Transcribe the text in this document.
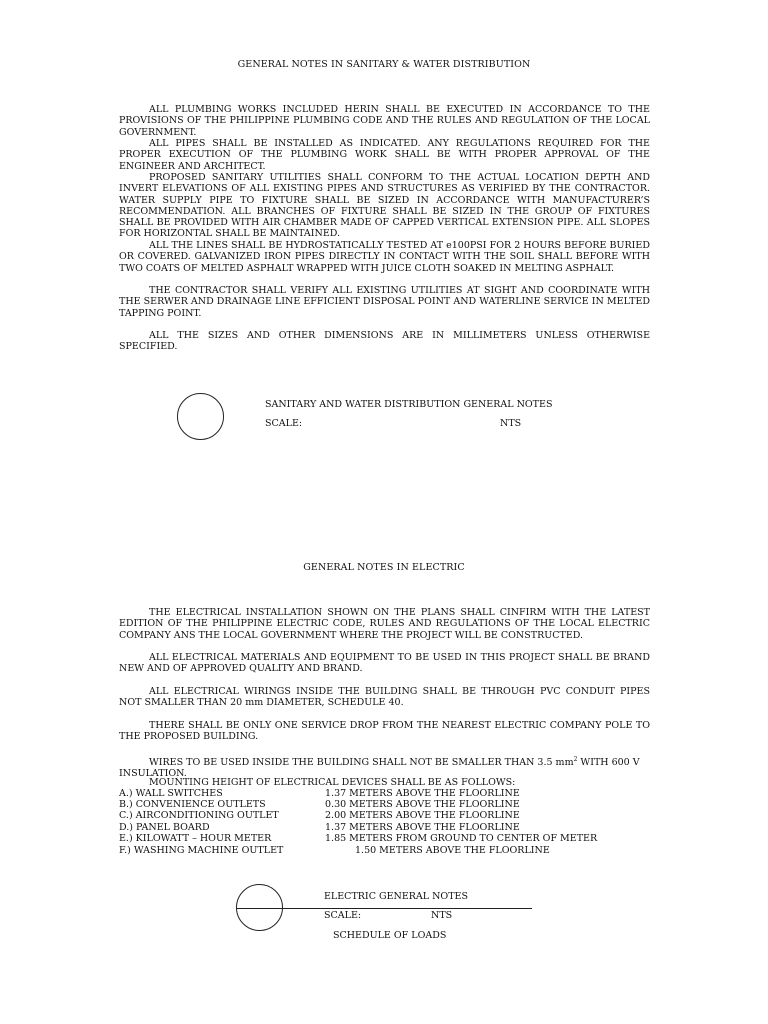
GENERAL NOTES IN SANITARY & WATER DISTRIBUTION

ALL PLUMBING WORKS INCLUDED HERIN SHALL BE EXECUTED IN ACCORDANCE TO THE PROVISIONS OF THE PHILIPPINE PLUMBING CODE AND THE RULES AND REGULATION OF THE LOCAL GOVERNMENT.

ALL PIPES SHALL BE INSTALLED AS INDICATED. ANY REGULATIONS REQUIRED FOR THE PROPER EXECUTION OF THE PLUMBING WORK SHALL BE WITH PROPER APPROVAL OF THE ENGINEER AND ARCHITECT.

PROPOSED SANITARY UTILITIES SHALL CONFORM TO THE ACTUAL LOCATION DEPTH AND INVERT ELEVATIONS OF ALL EXISTING PIPES AND STRUCTURES AS VERIFIED BY THE CONTRACTOR. WATER SUPPLY PIPE TO FIXTURE SHALL BE SIZED IN ACCORDANCE WITH MANUFACTURER’S RECOMMENDATION. ALL BRANCHES OF FIXTURE SHALL BE SIZED IN THE GROUP OF FIXTURES SHALL BE PROVIDED WITH AIR CHAMBER MADE OF CAPPED VERTICAL EXTENSION PIPE. ALL SLOPES FOR HORIZONTAL SHALL BE MAINTAINED.

ALL THE LINES SHALL BE HYDROSTATICALLY TESTED AT e100PSI FOR 2 HOURS BEFORE BURIED OR COVERED. GALVANIZED IRON PIPES DIRECTLY IN CONTACT WITH THE SOIL SHALL BEFORE WITH TWO COATS OF MELTED ASPHALT WRAPPED WITH JUICE CLOTH SOAKED IN MELTING ASPHALT.

THE CONTRACTOR SHALL VERIFY ALL EXISTING UTILITIES AT SIGHT AND COORDINATE WITH THE SERWER AND DRAINAGE LINE EFFICIENT DISPOSAL POINT AND WATERLINE SERVICE IN MELTED TAPPING POINT.

ALL THE SIZES AND OTHER DIMENSIONS ARE IN MILLIMETERS UNLESS OTHERWISE SPECIFIED.

SANITARY AND WATER DISTRIBUTION GENERAL NOTES
SCALE:	NTS
GENERAL NOTES IN ELECTRIC

THE ELECTRICAL INSTALLATION SHOWN ON THE PLANS SHALL CINFIRM WITH THE LATEST EDITION OF THE PHILIPPINE ELECTRIC CODE, RULES AND REGULATIONS OF THE LOCAL ELECTRIC COMPANY ANS THE LOCAL GOVERNMENT WHERE THE PROJECT WILL BE CONSTRUCTED.

ALL ELECTRICAL MATERIALS AND EQUIPMENT TO BE USED IN THIS PROJECT SHALL BE BRAND NEW AND OF APPROVED QUALITY AND BRAND.

ALL ELECTRICAL WIRINGS INSIDE THE BUILDING SHALL BE THROUGH PVC CONDUIT PIPES NOT SMALLER THAN 20 mm DIAMETER, SCHEDULE 40.

THERE SHALL BE ONLY ONE SERVICE DROP FROM THE NEAREST ELECTRIC COMPANY POLE TO THE PROPOSED BUILDING.

WIRES TO BE USED INSIDE THE BUILDING SHALL NOT BE SMALLER THAN 3.5 $mm^2$ WITH 600 V INSULATION.

MOUNTING HEIGHT OF ELECTRICAL DEVICES SHALL BE AS FOLLOWS:
A.) WALL SWITCHES	1.37 METERS ABOVE THE FLOORLINE
B.) CONVENIENCE OUTLETS	0.30 METERS ABOVE THE FLOORLINE
C.) AIRCONDITIONING OUTLET	2.00 METERS ABOVE THE FLOORLINE
D.) PANEL BOARD	1.37 METERS ABOVE THE FLOORLINE
E.) KILOWATT – HOUR METER	1.85 METERS FROM GROUND TO CENTER OF METER
F.) WASHING MACHINE OUTLET	1.50 METERS ABOVE THE FLOORLINE
ELECTRIC GENERAL NOTES
SCALE:	NTS
SCHEDULE OF LOADS
